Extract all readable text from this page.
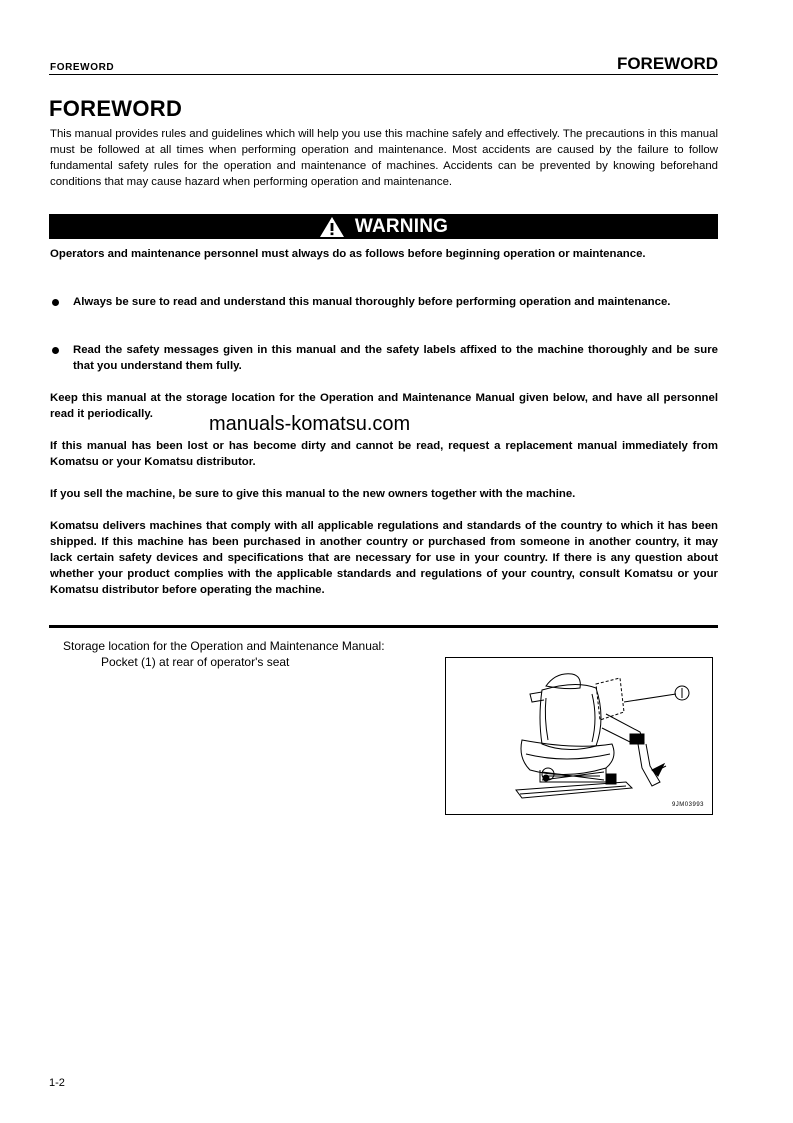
FOREWORD	FOREWORD
FOREWORD
This manual provides rules and guidelines which will help you use this machine safely and effectively. The precautions in this manual must be followed at all times when performing operation and maintenance. Most accidents are caused by the failure to follow fundamental safety rules for the operation and maintenance of machines. Accidents can be prevented by knowing beforehand conditions that may cause hazard when performing operation and maintenance.
WARNING
Operators and maintenance personnel must always do as follows before beginning operation or maintenance.
Always be sure to read and understand this manual thoroughly before performing operation and maintenance.
Read the safety messages given in this manual and the safety labels affixed to the machine thoroughly and be sure that you understand them fully.
Keep this manual at the storage location for the Operation and Maintenance Manual given below, and have all personnel read it periodically.
If this manual has been lost or has become dirty and cannot be read, request a replacement manual immediately from Komatsu or your Komatsu distributor.
If you sell the machine, be sure to give this manual to the new owners together with the machine.
Komatsu delivers machines that comply with all applicable regulations and standards of the country to which it has been shipped. If this machine has been purchased in another country or purchased from someone in another country, it may lack certain safety devices and specifications that are necessary for use in your country. If there is any question about whether your product complies with the applicable standards and regulations of your country, consult Komatsu or your Komatsu distributor before operating the machine.
manuals-komatsu.com
Storage location for the Operation and Maintenance Manual:
Pocket (1) at rear of operator's seat
9JM03993
1-2
